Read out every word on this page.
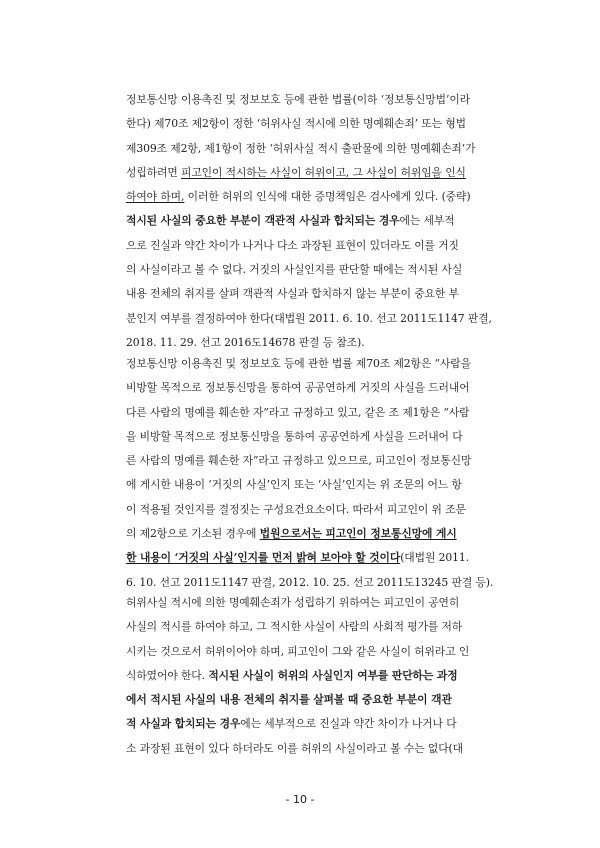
정보통신망 이용촉진 및 정보보호 등에 관한 법률(이하 ‘정보통신망법’이라
한다) 제70조 제2항이 정한 ‘허위사실 적시에 의한 명예훼손죄’ 또는 형법
제309조 제2항, 제1항이 정한 ‘허위사실 적시 출판물에 의한 명예훼손죄’가
성립하려면 피고인이 적시하는 사실이 허위이고, 그 사실이 허위임을 인식
하여야 하며, 이러한 허위의 인식에 대한 증명책임은 검사에게 있다. (중략)
적시된 사실의 중요한 부분이 객관적 사실과 합치되는 경우에는 세부적
으로 진실과 약간 차이가 나거나 다소 과장된 표현이 있더라도 이를 거짓
의 사실이라고 볼 수 없다. 거짓의 사실인지를 판단할 때에는 적시된 사실
내용 전체의 취지를 살펴 객관적 사실과 합치하지 않는 부분이 중요한 부
분인지 여부를 결정하여야 한다(대법원 2011. 6. 10. 선고 2011도1147 판결,
2018. 11. 29. 선고 2016도14678 판결 등 참조).
정보통신망 이용촉진 및 정보보호 등에 관한 법률 제70조 제2항은 “사람을
비방할 목적으로 정보통신망을 통하여 공공연하게 거짓의 사실을 드러내어
다른 사람의 명예를 훼손한 자”라고 규정하고 있고, 같은 조 제1항은 “사람
을 비방할 목적으로 정보통신망을 통하여 공공연하게 사실을 드러내어 다
른 사람의 명예를 훼손한 자”라고 규정하고 있으므로, 피고인이 정보통신망
에 게시한 내용이 ‘거짓의 사실’인지 또는 ‘사실’인지는 위 조문의 어느 항
이 적용될 것인지를 결정짓는 구성요건요소이다. 따라서 피고인이 위 조문
의 제2항으로 기소된 경우에 법원으로서는 피고인이 정보통신망에 게시
한 내용이 ‘거짓의 사실’인지를 먼저 밝혀 보아야 할 것이다(대법원 2011.
6. 10. 선고 2011도1147 판결, 2012. 10. 25. 선고 2011도13245 판결 등).
허위사실 적시에 의한 명예훼손죄가 성립하기 위하여는 피고인이 공연히
사실의 적시를 하여야 하고, 그 적시한 사실이 사람의 사회적 평가를 저하
시키는 것으로서 허위이어야 하며, 피고인이 그와 같은 사실이 허위라고 인
식하였어야 한다. 적시된 사실이 허위의 사실인지 여부를 판단하는 과정
에서 적시된 사실의 내용 전체의 취지를 살펴볼 때 중요한 부분이 객관
적 사실과 합치되는 경우에는 세부적으로 진실과 약간 차이가 나거나 다
소 과장된 표현이 있다 하더라도 이를 허위의 사실이라고 볼 수는 없다(대
- 10 -
